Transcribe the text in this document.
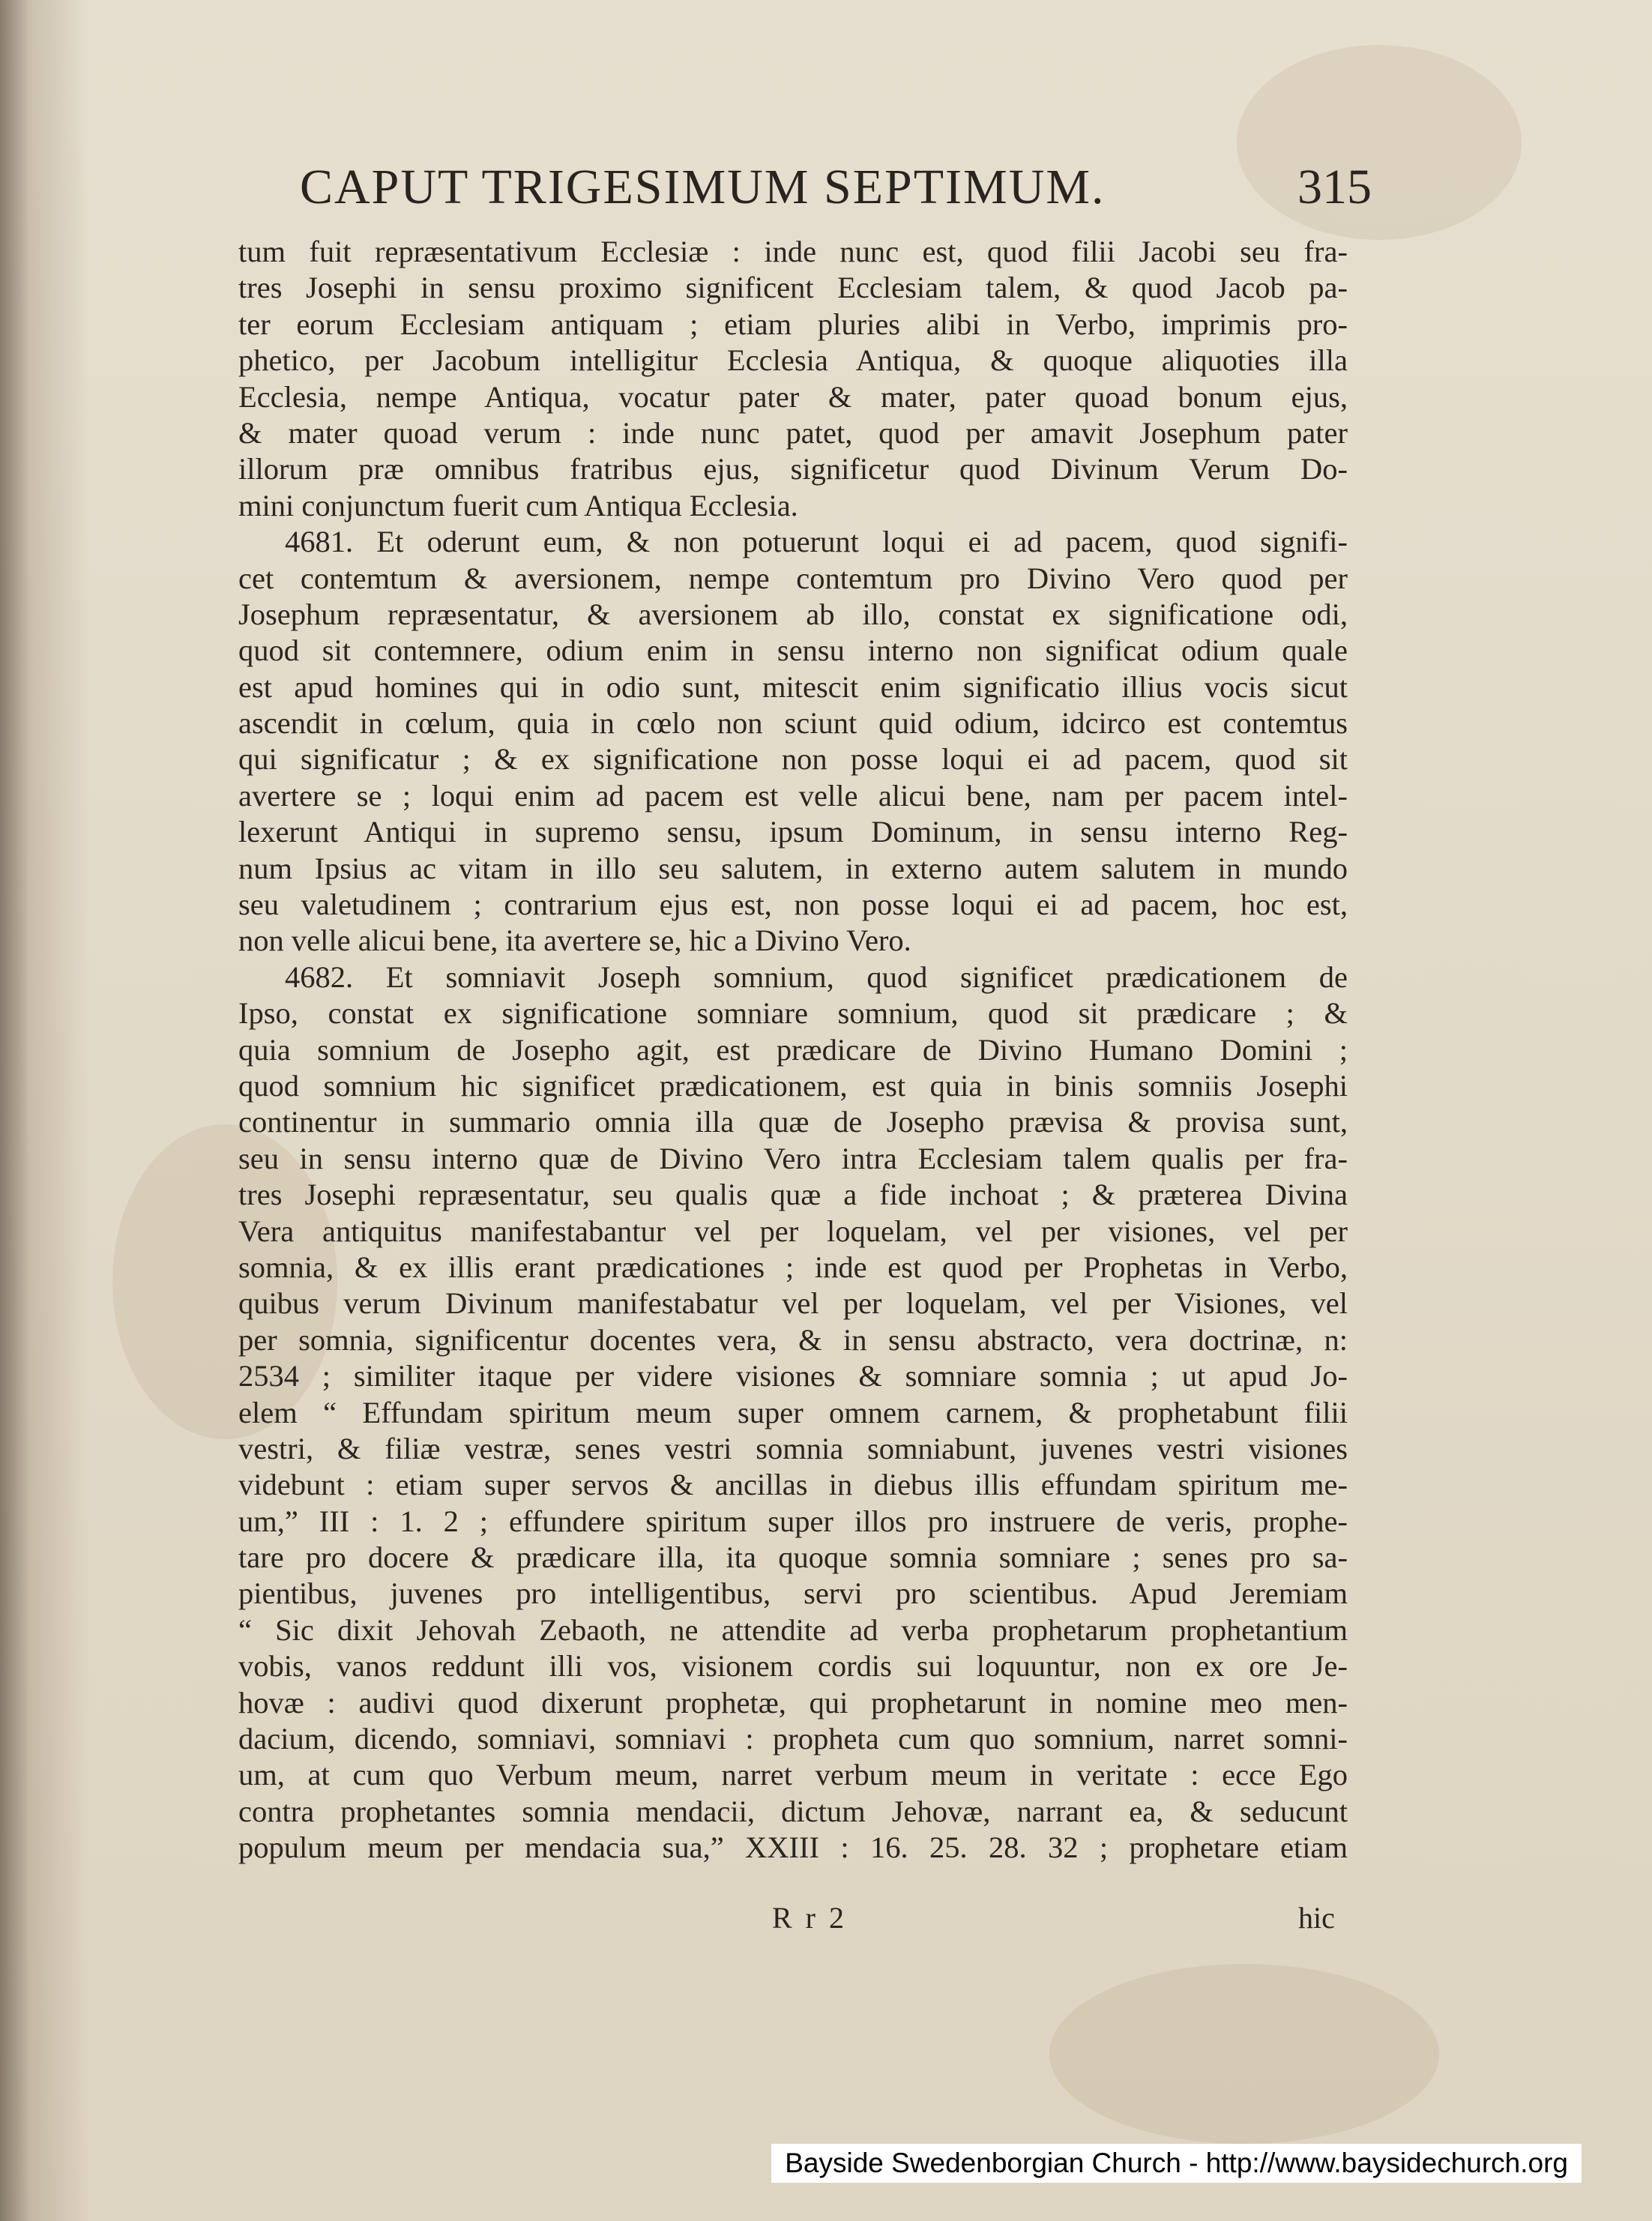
CAPUT TRIGESIMUM SEPTIMUM.	315
tum fuit repræsentativum Ecclesiæ : inde nunc est, quod filii Jacobi seu fra-
tres Josephi in sensu proximo significent Ecclesiam talem, & quod Jacob pa-
ter eorum Ecclesiam antiquam ; etiam pluries alibi in Verbo, imprimis pro-
phetico, per Jacobum intelligitur Ecclesia Antiqua, & quoque aliquoties illa
Ecclesia, nempe Antiqua, vocatur pater & mater, pater quoad bonum ejus,
& mater quoad verum : inde nunc patet, quod per amavit Josephum pater
illorum præ omnibus fratribus ejus, significetur quod Divinum Verum Do-
mini conjunctum fuerit cum Antiqua Ecclesia.
4681. Et oderunt eum, & non potuerunt loqui ei ad pacem, quod signifi-
cet contemtum & aversionem, nempe contemtum pro Divino Vero quod per
Josephum repræsentatur, & aversionem ab illo, constat ex significatione odi,
quod sit contemnere, odium enim in sensu interno non significat odium quale
est apud homines qui in odio sunt, mitescit enim significatio illius vocis sicut
ascendit in cœlum, quia in cœlo non sciunt quid odium, idcirco est contemtus
qui significatur ; & ex significatione non posse loqui ei ad pacem, quod sit
avertere se ; loqui enim ad pacem est velle alicui bene, nam per pacem intel-
lexerunt Antiqui in supremo sensu, ipsum Dominum, in sensu interno Reg-
num Ipsius ac vitam in illo seu salutem, in externo autem salutem in mundo
seu valetudinem ; contrarium ejus est, non posse loqui ei ad pacem, hoc est,
non velle alicui bene, ita avertere se, hic a Divino Vero.
4682. Et somniavit Joseph somnium, quod significet prædicationem de
Ipso, constat ex significatione somniare somnium, quod sit prædicare ; &
quia somnium de Josepho agit, est prædicare de Divino Humano Domini ;
quod somnium hic significet prædicationem, est quia in binis somniis Josephi
continentur in summario omnia illa quæ de Josepho prævisa & provisa sunt,
seu in sensu interno quæ de Divino Vero intra Ecclesiam talem qualis per fra-
tres Josephi repræsentatur, seu qualis quæ a fide inchoat ; & præterea Divina
Vera antiquitus manifestabantur vel per loquelam, vel per visiones, vel per
somnia, & ex illis erant prædicationes ; inde est quod per Prophetas in Verbo,
quibus verum Divinum manifestabatur vel per loquelam, vel per Visiones, vel
per somnia, significentur docentes vera, & in sensu abstracto, vera doctrinæ, n:
2534 ; similiter itaque per videre visiones & somniare somnia ; ut apud Jo-
elem “ Effundam spiritum meum super omnem carnem, & prophetabunt filii
vestri, & filiæ vestræ, senes vestri somnia somniabunt, juvenes vestri visiones
videbunt : etiam super servos & ancillas in diebus illis effundam spiritum me-
um,” III : 1. 2 ; effundere spiritum super illos pro instruere de veris, prophe-
tare pro docere & prædicare illa, ita quoque somnia somniare ; senes pro sa-
pientibus, juvenes pro intelligentibus, servi pro scientibus. Apud Jeremiam
“ Sic dixit Jehovah Zebaoth, ne attendite ad verba prophetarum prophetantium
vobis, vanos reddunt illi vos, visionem cordis sui loquuntur, non ex ore Je-
hovæ : audivi quod dixerunt prophetæ, qui prophetarunt in nomine meo men-
dacium, dicendo, somniavi, somniavi : propheta cum quo somnium, narret somni-
um, at cum quo Verbum meum, narret verbum meum in veritate : ecce Ego
contra prophetantes somnia mendacii, dictum Jehovæ, narrant ea, & seducunt
populum meum per mendacia sua,” XXIII : 16. 25. 28. 32 ; prophetare etiam
R r 2	hic
Bayside Swedenborgian Church - http://www.baysidechurch.org
